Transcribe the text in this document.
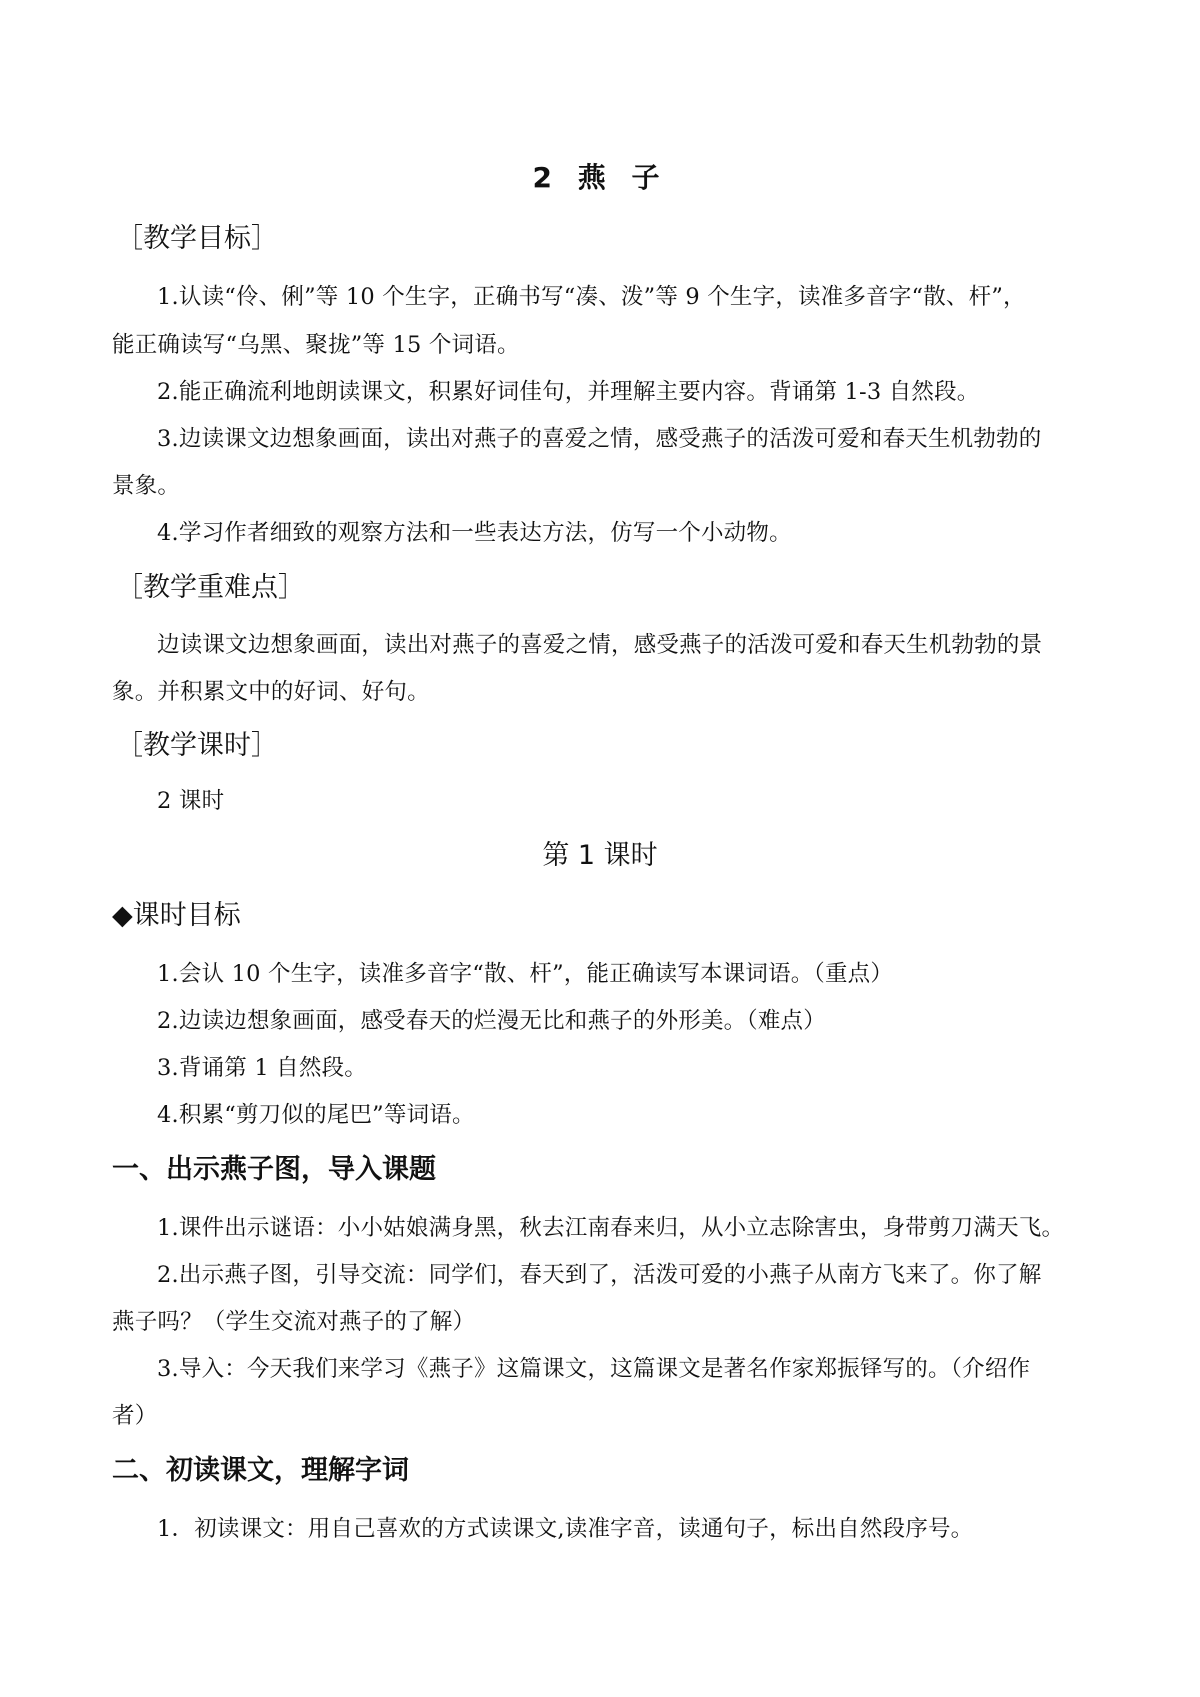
2 燕 子
［教学目标］
1.认读“伶、俐”等 10 个生字，正确书写“凑、泼”等 9 个生字，读准多音字“散、杆”，
能正确读写“乌黑、聚拢”等 15 个词语。
2.能正确流利地朗读课文，积累好词佳句，并理解主要内容。背诵第 1-3 自然段。
3.边读课文边想象画面，读出对燕子的喜爱之情，感受燕子的活泼可爱和春天生机勃勃的
景象。
4.学习作者细致的观察方法和一些表达方法，仿写一个小动物。
［教学重难点］
边读课文边想象画面，读出对燕子的喜爱之情，感受燕子的活泼可爱和春天生机勃勃的景
象。并积累文中的好词、好句。
［教学课时］
2 课时
第 1 课时
◆课时目标
1.会认 10 个生字，读准多音字“散、杆”，能正确读写本课词语。（重点）
2.边读边想象画面，感受春天的烂漫无比和燕子的外形美。（难点）
3.背诵第 1 自然段。
4.积累“剪刀似的尾巴”等词语。
一、出示燕子图，导入课题
1.课件出示谜语：小小姑娘满身黑，秋去江南春来归，从小立志除害虫，身带剪刀满天飞。
2.出示燕子图，引导交流：同学们，春天到了，活泼可爱的小燕子从南方飞来了。你了解
燕子吗？（学生交流对燕子的了解）
3.导入：今天我们来学习《燕子》这篇课文，这篇课文是著名作家郑振铎写的。（介绍作
者）
二、初读课文，理解字词
1．初读课文：用自己喜欢的方式读课文,读准字音，读通句子，标出自然段序号。
